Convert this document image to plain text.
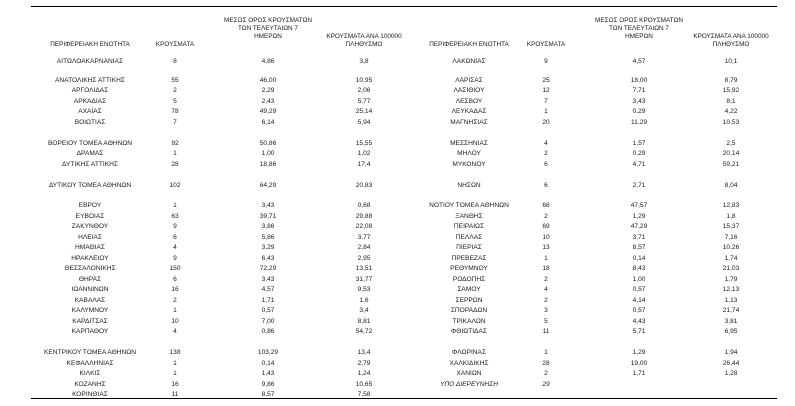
ΠΕΡΙΦΕΡΕΙΑΚΗ ΕΝΟΤΗΤΑ	ΚΡΟΥΣΜΑΤΑ
ΜΕΣΟΣ ΟΡΟΣ ΚΡΟΥΣΜΑΤΩΝ
ΤΩΝ ΤΕΛΕΥΤΑΙΩΝ 7
ΗΜΕΡΩΝ	ΚΡΟΥΣΜΑΤΑ ΑΝΑ 100000
ΠΛΗΘΥΣΜΟ	ΠΕΡΙΦΕΡΕΙΑΚΗ ΕΝΟΤΗΤΑ	ΚΡΟΥΣΜΑΤΑ
ΜΕΣΟΣ ΟΡΟΣ ΚΡΟΥΣΜΑΤΩΝ
ΤΩΝ ΤΕΛΕΥΤΑΙΩΝ 7
ΗΜΕΡΩΝ	ΚΡΟΥΣΜΑΤΑ ΑΝΑ 100000
ΠΛΗΘΥΣΜΟ
ΑΙΤΩΛΟΑΚΑΡΝΑΝΙΑΣ	8	4,86	3,8
ΑΝΑΤΟΛΙΚΗΣ ΑΤΤΙΚΗΣ	55	46,00	10,95
ΑΡΓΟΛΙΔΑΣ	2	2,29	2,06
ΑΡΚΑΔΙΑΣ	5	2,43	5,77
ΑΧΑΪΑΣ	78	49,29	25,14
ΒΟΙΩΤΙΑΣ	7	6,14	5,94
ΒΟΡΕΙΟΥ ΤΟΜΕΑ ΑΘΗΝΩΝ	92	50,86	15,55
ΔΡΑΜΑΣ	1	1,00	1,02
ΔΥΤΙΚΗΣ ΑΤΤΙΚΗΣ	28	18,86	17,4
ΔΥΤΙΚΟΥ ΤΟΜΕΑ ΑΘΗΝΩΝ	102	64,29	20,83
ΕΒΡΟΥ	1	3,43	0,68
ΕΥΒΟΙΑΣ	63	39,71	29,88
ΖΑΚΥΝΘΟΥ	9	3,86	22,08
ΗΛΕΙΑΣ	6	5,86	3,77
ΗΜΑΘΙΑΣ	4	3,29	2,84
ΗΡΑΚΛΕΙΟΥ	9	6,43	2,95
ΘΕΣΣΑΛΟΝΙΚΗΣ	150	72,29	13,51
ΘΗΡΑΣ	6	3,43	31,77
ΙΩΑΝΝΙΝΩΝ	16	4,57	9,53
ΚΑΒΑΛΑΣ	2	1,71	1,6
ΚΑΛΥΜΝΟΥ	1	0,57	3,4
ΚΑΡΔΙΤΣΑΣ	10	7,00	8,81
ΚΑΡΠΑΘΟΥ	4	0,86	54,72
ΚΕΝΤΡΙΚΟΥ ΤΟΜΕΑ ΑΘΗΝΩΝ	138	103,29	13,4
ΚΕΦΑΛΛΗΝΙΑΣ	1	0,14	2,79
ΚΙΛΚΙΣ	1	1,43	1,24
ΚΟΖΑΝΗΣ	16	9,86	10,65
ΚΟΡΙΝΘΙΑΣ	11	8,57	7,58
ΛΑΚΩΝΙΑΣ	9	4,57	10,1
ΛΑΡΙΣΑΣ	25	18,00	8,79
ΛΑΣΙΘΙΟΥ	12	7,71	15,92
ΛΕΣΒΟΥ	7	3,43	8,1
ΛΕΥΚΑΔΑΣ	1	0,29	4,22
ΜΑΓΝΗΣΙΑΣ	20	11,29	10,53
ΜΕΣΣΗΝΙΑΣ	4	1,57	2,5
ΜΗΛΟΥ	2	0,29	20,14
ΜΥΚΟΝΟΥ	6	4,71	59,21
ΝΗΣΩΝ	6	2,71	8,04
ΝΟΤΙΟΥ ΤΟΜΕΑ ΑΘΗΝΩΝ	68	47,57	12,83
ΞΑΝΘΗΣ	2	1,29	1,8
ΠΕΙΡΑΙΩΣ	69	47,29	15,37
ΠΕΛΛΑΣ	10	3,71	7,16
ΠΙΕΡΙΑΣ	13	8,57	10,26
ΠΡΕΒΕΖΑΣ	1	0,14	1,74
ΡΕΘΥΜΝΟΥ	18	8,43	21,03
ΡΟΔΟΠΗΣ	2	1,00	1,79
ΣΑΜΟΥ	4	0,57	12,13
ΣΕΡΡΩΝ	2	4,14	1,13
ΣΠΟΡΑΔΩΝ	3	0,57	21,74
ΤΡΙΚΑΛΩΝ	5	4,43	3,81
ΦΘΙΩΤΙΔΑΣ	11	5,71	6,95
ΦΛΩΡΙΝΑΣ	1	1,29	1,94
ΧΑΛΚΙΔΙΚΗΣ	28	19,00	26,44
ΧΑΝΙΩΝ	2	1,71	1,28
ΥΠΟ ΔΙΕΡΕΥΝΗΣΗ	29
